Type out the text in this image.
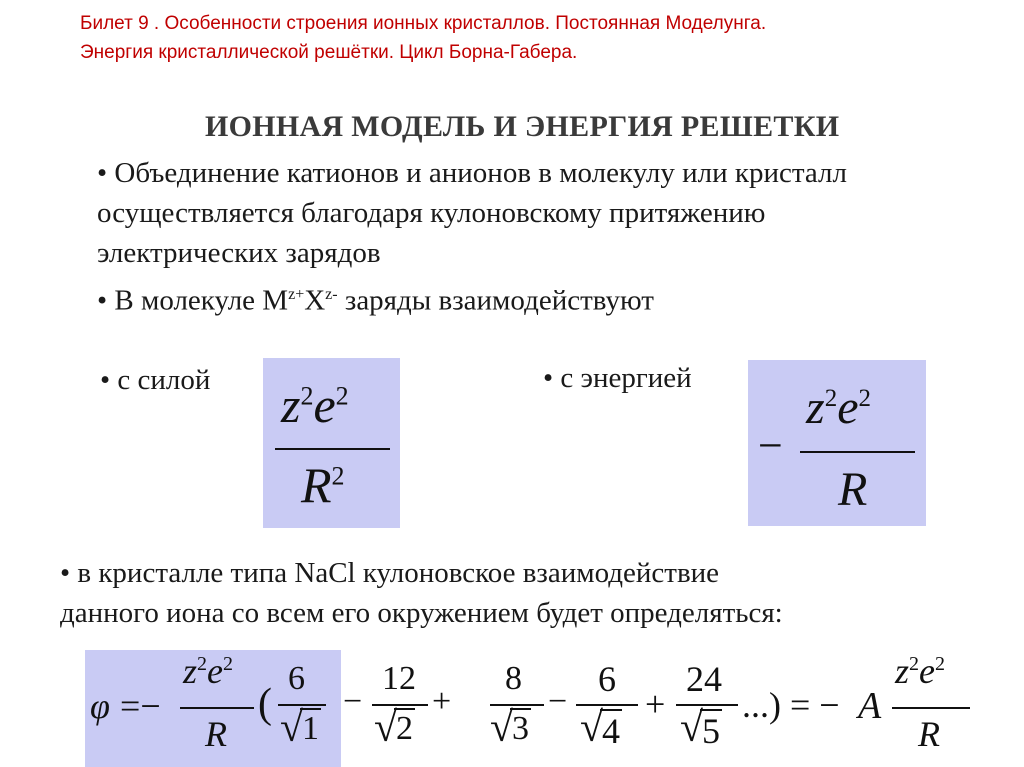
Билет 9 . Особенности строения ионных кристаллов. Постоянная Моделунга.
Энергия кристаллической решётки. Цикл Борна-Габера.
ИОННАЯ МОДЕЛЬ И ЭНЕРГИЯ РЕШЕТКИ
• Объединение катионов и анионов в молекулу или кристалл
осуществляется благодаря кулоновскому притяжению
электрических зарядов
• В молекуле $M^{z+}X^{z-}$ заряды взаимодействуют
• с силой	• с энергией
$z^2e^2$
$R^2$
−
$z^2e^2$
R
• в кристалле типа NaCl кулоновское взаимодействие
данного иона со всем его окружением будет определяться:
φ =−
$z^2e^2$
R
(
6
√
1
−
12
√
2
+
8
√
3
−
6
√
4
+
24
√
5
...) = − A
$z^2e^2$
R
